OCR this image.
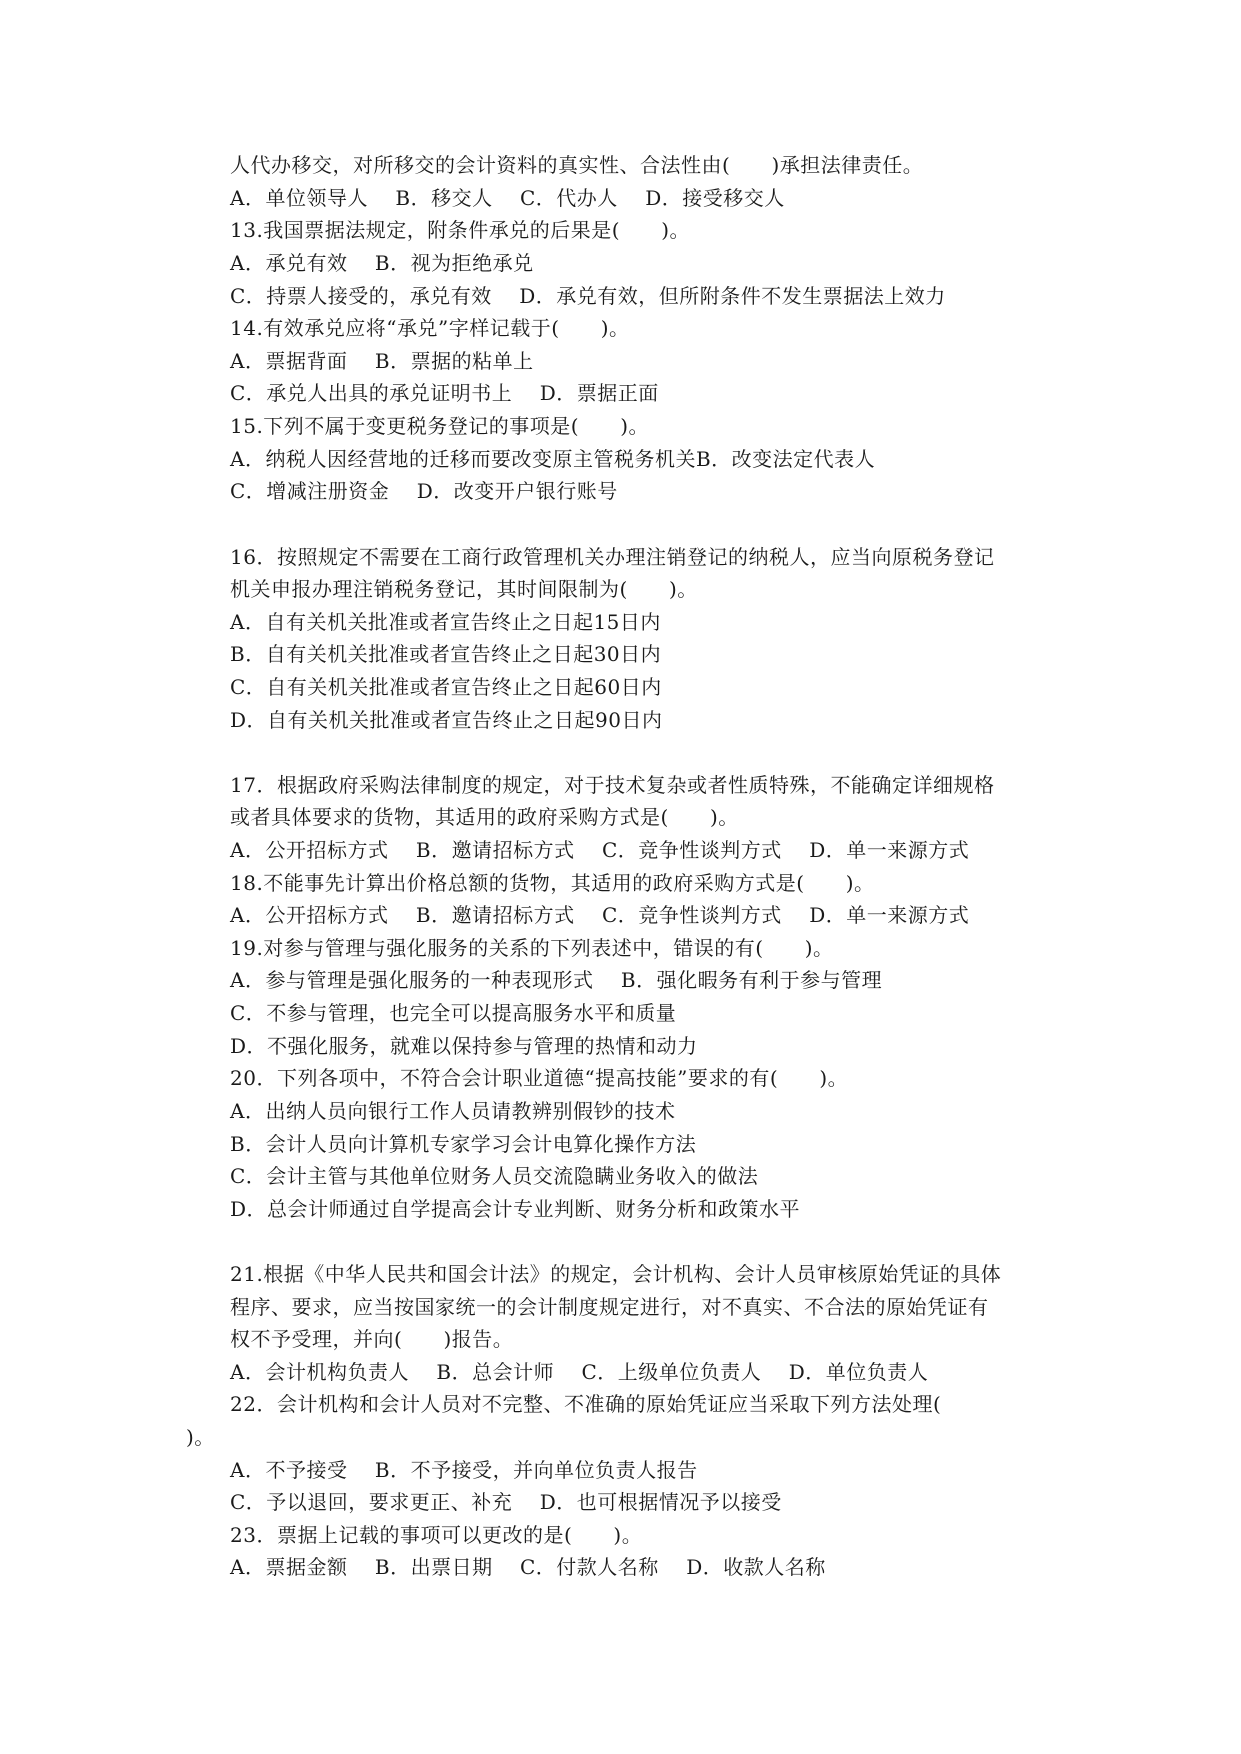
人代办移交，对所移交的会计资料的真实性、合法性由(      )承担法律责任。
A．单位领导人    B．移交人    C．代办人    D．接受移交人
13.我国票据法规定，附条件承兑的后果是(      )。
A．承兑有效    B．视为拒绝承兑
C．持票人接受的，承兑有效    D．承兑有效，但所附条件不发生票据法上效力
14.有效承兑应将“承兑”字样记载于(      )。
A．票据背面    B．票据的粘单上
C．承兑人出具的承兑证明书上    D．票据正面
15.下列不属于变更税务登记的事项是(      )。
A．纳税人因经营地的迁移而要改变原主管税务机关B．改变法定代表人
C．增减注册资金    D．改变开户银行账号
16．按照规定不需要在工商行政管理机关办理注销登记的纳税人，应当向原税务登记
机关申报办理注销税务登记，其时间限制为(      )。
A．自有关机关批准或者宣告终止之日起15日内
B．自有关机关批准或者宣告终止之日起30日内
C．自有关机关批准或者宣告终止之日起60日内
D．自有关机关批准或者宣告终止之日起90日内
17．根据政府采购法律制度的规定，对于技术复杂或者性质特殊，不能确定详细规格
或者具体要求的货物，其适用的政府采购方式是(      )。
A．公开招标方式    B．邀请招标方式    C．竞争性谈判方式    D．单一来源方式
18.不能事先计算出价格总额的货物，其适用的政府采购方式是(      )。
A．公开招标方式    B．邀请招标方式    C．竞争性谈判方式    D．单一来源方式
19.对参与管理与强化服务的关系的下列表述中，错误的有(      )。
A．参与管理是强化服务的一种表现形式    B．强化暇务有利于参与管理
C．不参与管理，也完全可以提高服务水平和质量
D．不强化服务，就难以保持参与管理的热情和动力
20．下列各项中，不符合会计职业道德“提高技能”要求的有(      )。
A．出纳人员向银行工作人员请教辨别假钞的技术
B．会计人员向计算机专家学习会计电算化操作方法
C．会计主管与其他单位财务人员交流隐瞒业务收入的做法
D．总会计师通过自学提高会计专业判断、财务分析和政策水平
21.根据《中华人民共和国会计法》的规定，会计机构、会计人员审核原始凭证的具体
程序、要求，应当按国家统一的会计制度规定进行，对不真实、不合法的原始凭证有
权不予受理，并向(      )报告。
A．会计机构负责人    B．总会计师    C．上级单位负责人    D．单位负责人
22．会计机构和会计人员对不完整、不准确的原始凭证应当采取下列方法处理(
)。
A．不予接受    B．不予接受，并向单位负责人报告
C．予以退回，要求更正、补充    D．也可根据情况予以接受
23．票据上记载的事项可以更改的是(      )。
A．票据金额    B．出票日期    C．付款人名称    D．收款人名称
